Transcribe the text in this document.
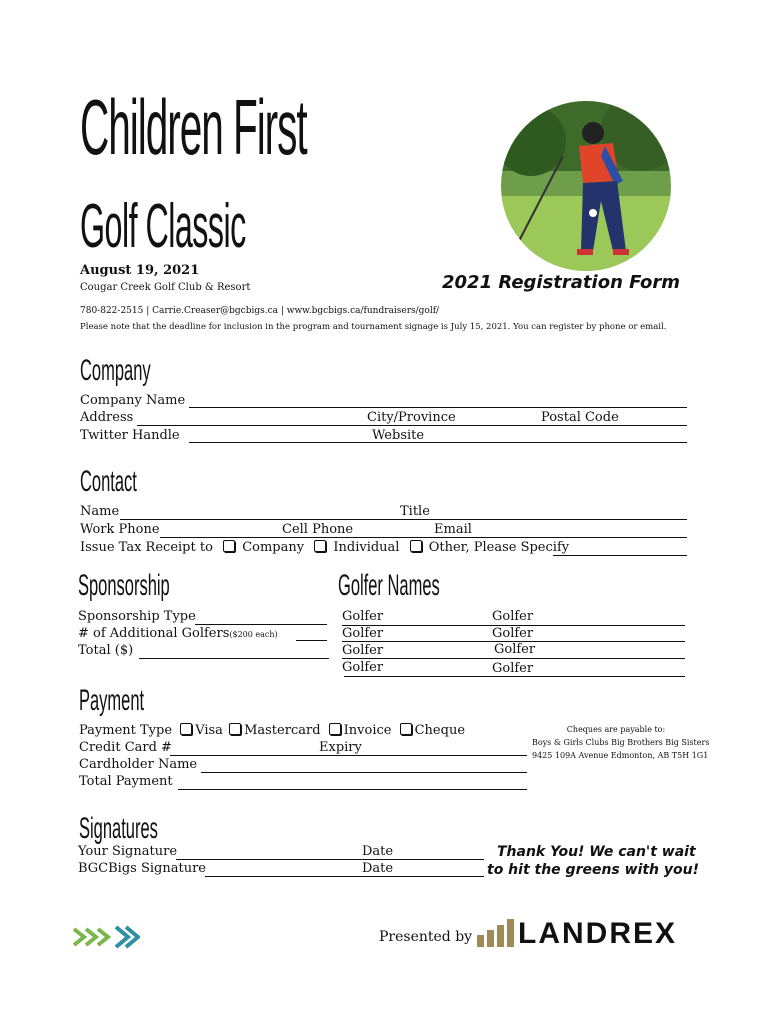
Children First
Golf Classic
August 19, 2021
Cougar Creek Golf Club & Resort	2021 Registration Form
780-822-2515 | Carrie.Creaser@bgcbigs.ca | www.bgcbigs.ca/fundraisers/golf/
Please note that the deadline for inclusion in the program and tournament signage is July 15, 2021. You can register by phone or email.
Company
Company Name
Address	City/Province	Postal Code
Twitter Handle	Website
Contact
Name	Title
Work Phone	Cell Phone	Email
Issue Tax Receipt to Company Individual Other, Please Specify
Sponsorship
Sponsorship Type
# of Additional Golfers($200 each)
Total ($)
Golfer Names
Golfer	Golfer
Golfer	Golfer
Golfer	Golfer
Golfer	Golfer
Payment
Payment Type Visa Mastercard Invoice Cheque
Credit Card #	Expiry
Cardholder Name
Total Payment
Cheques are payable to:
Boys & Girls Clubs Big Brothers Big Sisters
9425 109A Avenue Edmonton, AB T5H 1G1
Signatures
Your Signature	Date
BGCBigs Signature	Date
Thank You! We can't wait
to hit the greens with you!
Presented by LANDREX
